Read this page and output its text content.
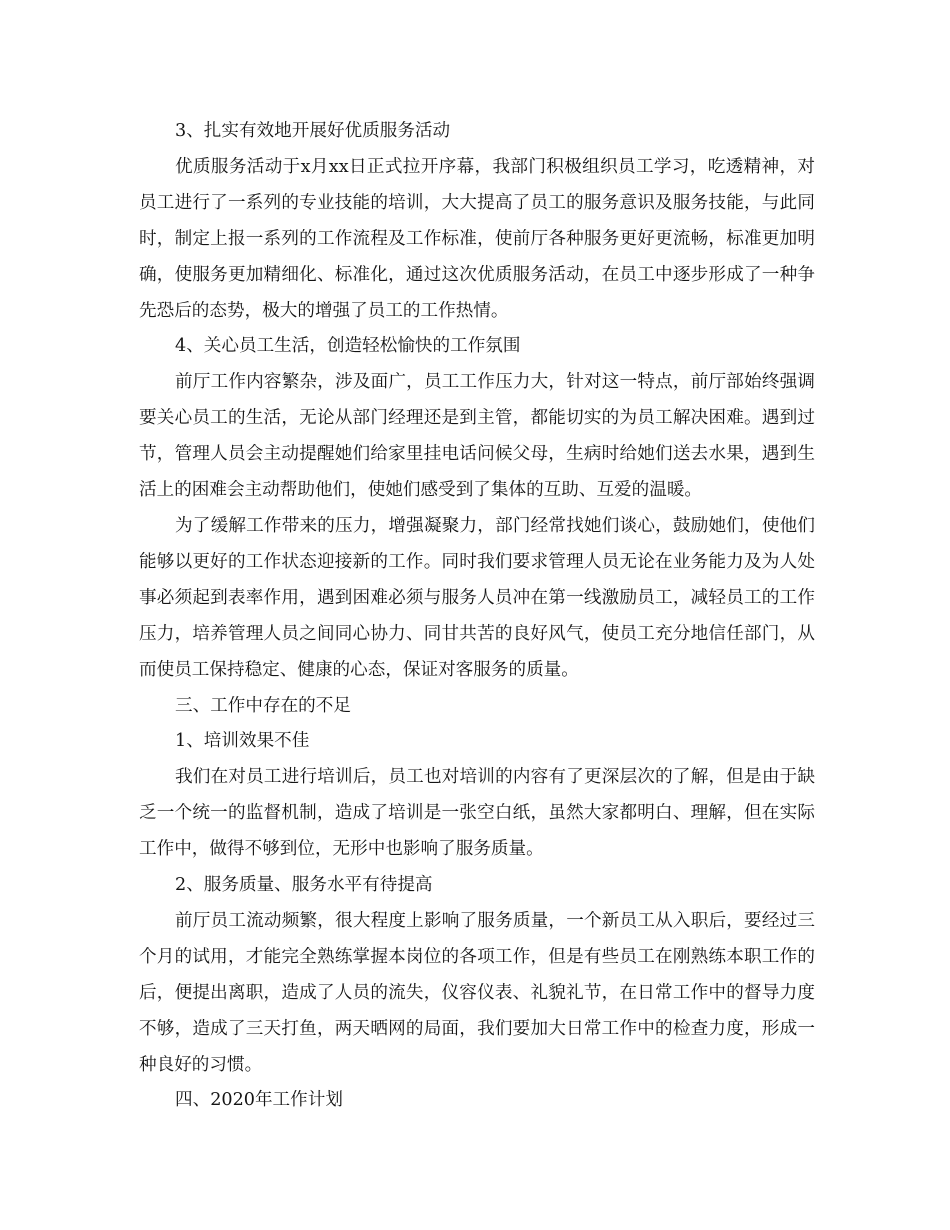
3、扎实有效地开展好优质服务活动

优质服务活动于x月xx日正式拉开序幕，我部门积极组织员工学习，吃透精神，对员工进行了一系列的专业技能的培训，大大提高了员工的服务意识及服务技能，与此同时，制定上报一系列的工作流程及工作标准，使前厅各种服务更好更流畅，标准更加明确，使服务更加精细化、标准化，通过这次优质服务活动，在员工中逐步形成了一种争先恐后的态势，极大的增强了员工的工作热情。

4、关心员工生活，创造轻松愉快的工作氛围

前厅工作内容繁杂，涉及面广，员工工作压力大，针对这一特点，前厅部始终强调要关心员工的生活，无论从部门经理还是到主管，都能切实的为员工解决困难。遇到过节，管理人员会主动提醒她们给家里挂电话问候父母，生病时给她们送去水果，遇到生活上的困难会主动帮助他们，使她们感受到了集体的互助、互爱的温暖。

为了缓解工作带来的压力，增强凝聚力，部门经常找她们谈心，鼓励她们，使他们能够以更好的工作状态迎接新的工作。同时我们要求管理人员无论在业务能力及为人处事必须起到表率作用，遇到困难必须与服务人员冲在第一线激励员工，减轻员工的工作压力，培养管理人员之间同心协力、同甘共苦的良好风气，使员工充分地信任部门，从而使员工保持稳定、健康的心态，保证对客服务的质量。

三、工作中存在的不足

1、培训效果不佳

我们在对员工进行培训后，员工也对培训的内容有了更深层次的了解，但是由于缺乏一个统一的监督机制，造成了培训是一张空白纸，虽然大家都明白、理解，但在实际工作中，做得不够到位，无形中也影响了服务质量。

2、服务质量、服务水平有待提高

前厅员工流动频繁，很大程度上影响了服务质量，一个新员工从入职后，要经过三个月的试用，才能完全熟练掌握本岗位的各项工作，但是有些员工在刚熟练本职工作的后，便提出离职，造成了人员的流失，仪容仪表、礼貌礼节，在日常工作中的督导力度不够，造成了三天打鱼，两天晒网的局面，我们要加大日常工作中的检查力度，形成一种良好的习惯。

四、2020年工作计划
